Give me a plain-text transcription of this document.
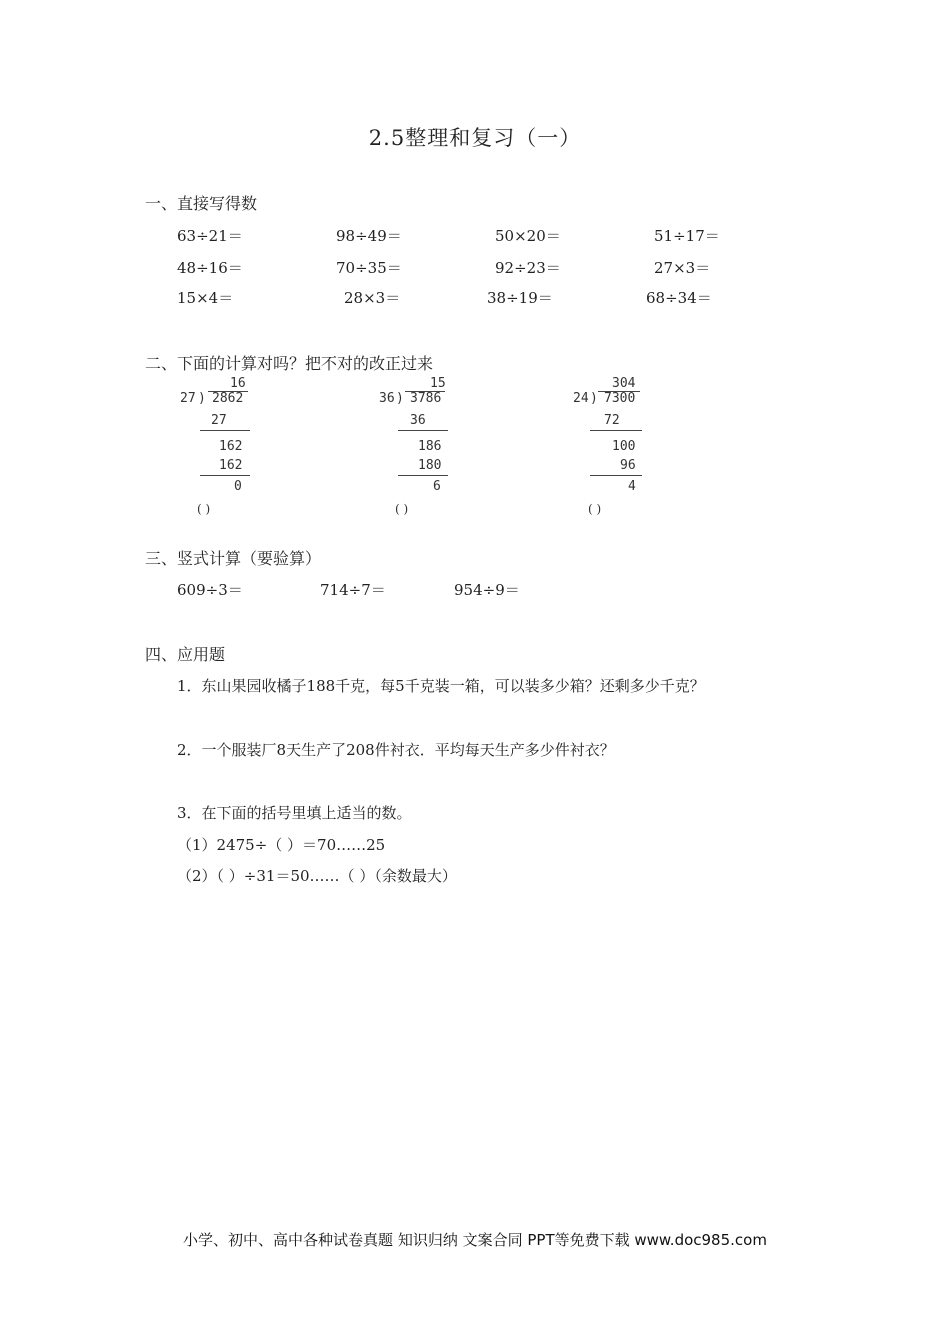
2.5整理和复习（一）
一、直接写得数
63÷21＝	98÷49＝	50×20＝	51÷17＝
48÷16＝	70÷35＝	92÷23＝	27×3＝
15×4＝	28×3＝	38÷19＝	68÷34＝
二、下面的计算对吗？把不对的改正过来
16
27 ) 2862
27
162
162
0
( )
15
36 ) 3786
36
186
180
6
( )
304
24 ) 7300
72
100
96
4
( )
三、竖式计算（要验算）
609÷3＝	714÷7＝	954÷9＝
四、应用题
1．东山果园收橘子188千克，每5千克装一箱，可以装多少箱？还剩多少千克？
2．一个服装厂8天生产了208件衬衣．平均每天生产多少件衬衣？
3．在下面的括号里填上适当的数。
（1）2475÷（ ）＝70……25
（2）（ ）÷31＝50……（ ）（余数最大）
小学、初中、高中各种试卷真题 知识归纳 文案合同 PPT等免费下载 www.doc985.com
